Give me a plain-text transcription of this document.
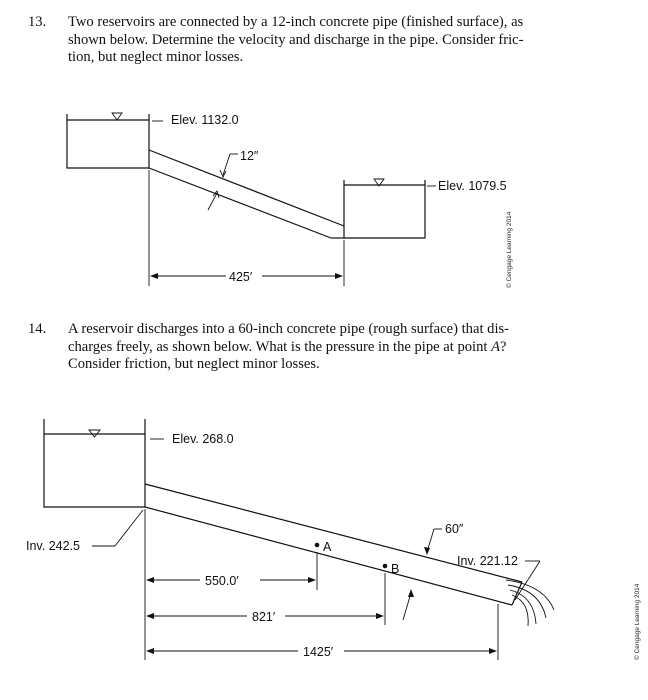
13. Two reservoirs are connected by a 12-inch concrete pipe (finished surface), as
shown below. Determine the velocity and discharge in the pipe. Consider fric-
tion, but neglect minor losses.
14. A reservoir discharges into a 60-inch concrete pipe (rough surface) that dis-
charges freely, as shown below. What is the pressure in the pipe at point A?
Consider friction, but neglect minor losses.
Elev. 1132.0
Elev. 1079.5
12″
425′	© Cengage Learning 2014
Elev. 268.0
Inv. 242.5
Inv. 221.12
60″
A
B
550.0′
821′
1425′	© Cengage Learning 2014
